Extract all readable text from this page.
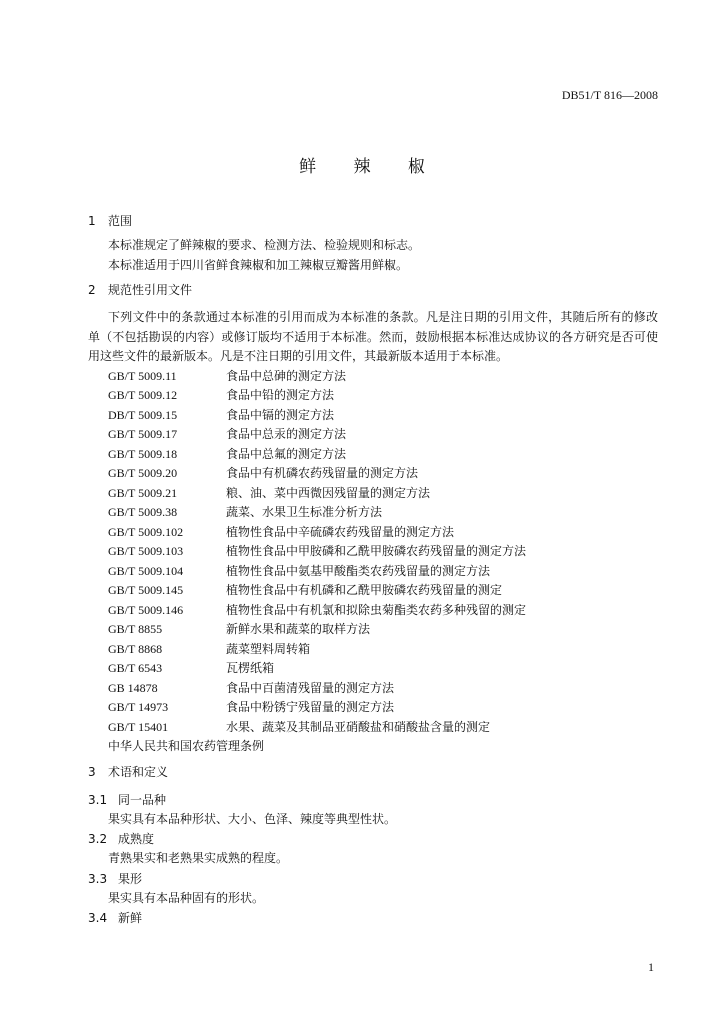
DB51/T 816—2008
鲜 辣 椒
1 范围
本标准规定了鲜辣椒的要求、检测方法、检验规则和标志。
本标准适用于四川省鲜食辣椒和加工辣椒豆瓣酱用鲜椒。
2 规范性引用文件

下列文件中的条款通过本标准的引用而成为本标准的条款。凡是注日期的引用文件，其随后所有的修改单（不包括勘误的内容）或修订版均不适用于本标准。然而，鼓励根据本标准达成协议的各方研究是否可使用这些文件的最新版本。凡是不注日期的引用文件，其最新版本适用于本标准。

GB/T 5009.11	食品中总砷的测定方法
GB/T 5009.12	食品中铅的测定方法
DB/T 5009.15	食品中镉的测定方法
GB/T 5009.17	食品中总汞的测定方法
GB/T 5009.18	食品中总氟的测定方法
GB/T 5009.20	食品中有机磷农药残留量的测定方法
GB/T 5009.21	粮、油、菜中西微因残留量的测定方法
GB/T 5009.38	蔬菜、水果卫生标准分析方法
GB/T 5009.102	植物性食品中辛硫磷农药残留量的测定方法
GB/T 5009.103	植物性食品中甲胺磷和乙酰甲胺磷农药残留量的测定方法
GB/T 5009.104	植物性食品中氨基甲酸酯类农药残留量的测定方法
GB/T 5009.145	植物性食品中有机磷和乙酰甲胺磷农药残留量的测定
GB/T 5009.146	植物性食品中有机氯和拟除虫菊酯类农药多种残留的测定
GB/T 8855	新鲜水果和蔬菜的取样方法
GB/T 8868	蔬菜塑料周转箱
GB/T 6543	瓦楞纸箱
GB 14878	食品中百菌清残留量的测定方法
GB/T 14973	食品中粉锈宁残留量的测定方法
GB/T 15401	水果、蔬菜及其制品亚硝酸盐和硝酸盐含量的测定
中华人民共和国农药管理条例
3 术语和定义
3.1 同一品种
果实具有本品种形状、大小、色泽、辣度等典型性状。
3.2 成熟度
青熟果实和老熟果实成熟的程度。
3.3 果形
果实具有本品种固有的形状。
3.4 新鲜
1
